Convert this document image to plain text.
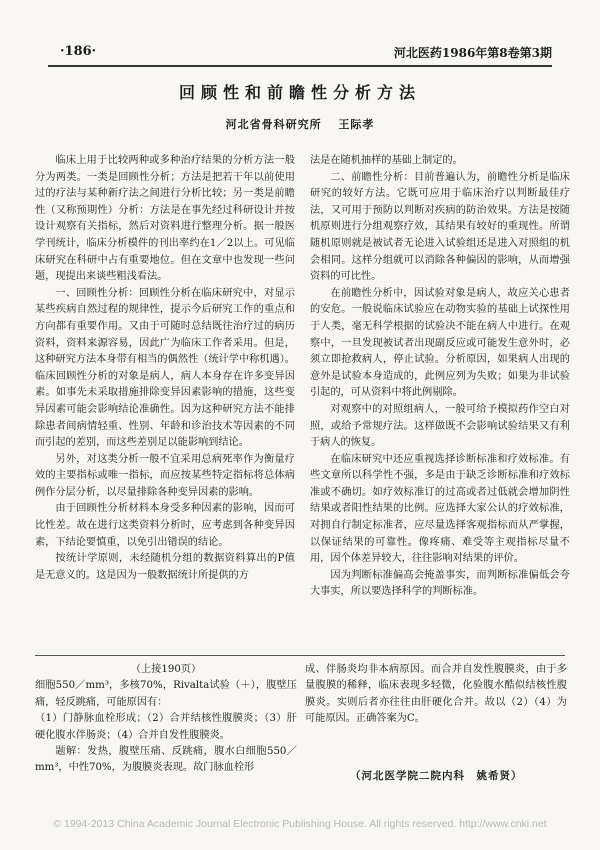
·186·	河北医药1986年第8卷第3期
回顾性和前瞻性分析方法
河北省骨科研究所 王际孝

临床上用于比较两种或多种治疗结果的分析方法一般分为两类。一类是回顾性分析；方法是把若干年以前使用过的疗法与某种新疗法之间进行分析比较；另一类是前瞻性（又称预期性）分析：方法是在事先经过科研设计并按设计观察有关指标，然后对资料进行整理分析。据一般医学刊统计，临床分析模件的刊出率约在1／2以上。可见临床研究在科研中占有重要地位。但在文章中也发现一些问题，现提出来谈些粗浅看法。

一、回顾性分析：回顾性分析在临床研究中，对显示某些疾病自然过程的规律性，提示今后研究工作的重点和方向都有重要作用。又由于可随时总结既往治疗过的病历资料，资料来源容易，因此广为临床工作者采用。但是，这种研究方法本身带有相当的偶然性（统计学中称机遇）。临床回顾性分析的对象是病人，病人本身存在许多变异因素。如事先未采取措施排除变异因素影响的措施，这些变异因素可能会影响结论准确性。因为这种研究方法不能排除患者间病情轻重、性别、年龄和诊治技术等因素的不同而引起的差别，而这些差别足以能影响到结论。

另外，对这类分析一般不宜采用总病死率作为衡量疗效的主要指标或唯一指标，而应按某些特定指标将总体病例作分层分析，以尽量排除各种变异因素的影响。

由于回顾性分析材料本身受多种因素的影响，因而可比性差。故在进行这类资料分析时，应考虑到各种变异因素，下结论要慎重，以免引出错误的结论。

按统计学原则，未经随机分组的数据资料算出的P值是无意义的。这是因为一般数据统计所提供的方

法是在随机抽样的基础上制定的。

二、前瞻性分析：目前普遍认为，前瞻性分析是临床研究的较好方法。它既可应用于临床治疗以判断最佳疗法，又可用于预防以判断对疾病的防治效果。方法是按随机原则进行分组观察疗效，其结果有较好的重现性。所谓随机原则就是被试者无论进入试验组还是进入对照组的机会相同。这样分组就可以消除各种偏因的影响，从而增强资料的可比性。

在前瞻性分析中，因试验对象是病人，故应关心患者的安危。一般说临床试验应在动物实验的基础上试探性用于人类，毫无科学根据的试验决不能在病人中进行。在观察中，一旦发现被试者出现副反应或可能发生意外时，必须立即抢救病人，停止试验。分析原因，如果病人出现的意外是试验本身造成的，此例应列为失败；如果为非试验引起的，可从资料中将此例剔除。

对观察中的对照组病人，一般可给予模拟药作空白对照，或给予常规疗法。这样做既不会影响试验结果又有利于病人的恢复。

在临床研究中还应重视选择诊断标准和疗效标准。有些文章所以科学性不强，多是由于缺乏诊断标准和疗效标准或不确切。如疗效标准订的过高或者过低就会增加阴性结果或者阳性结果的比例。应选择大家公认的疗效标准，对拥自行制定标准者，应尽量选择客观指标而从严掌握，以保证结果的可靠性。像疼痛、难受等主观指标尽量不用，因个体差异较大，往往影响对结果的评价。

因为判断标准偏高会掩盖事实，而判断标准偏低会夸大事实，所以要选择科学的判断标准。

（上接190页）

细胞550／mm³，多核70%，Rivalta试验（＋），腹壁压痛，轻反跳痛，可能原因有：

（1）门静脉血栓形成；（2）合并结核性腹膜炎；（3）肝硬化腹水伴肠炎；（4）合并自发性腹膜炎。

题解：发热，腹壁压痛、反跳痛，腹水白细胞550／mm³，中性70%，为腹膜炎表现。故门脉血栓形

成、伴肠炎均非本病原因。而合并自发性腹膜炎，由于多量腹膜的稀释，临床表现多轻微，化验腹水酷似结核性腹膜炎。实则后者亦往往由肝硬化合并。故以（2）（4）为可能原因。正确答案为C。

（河北医学院二院内科　姚希贤）
© 1994-2013 China Academic Journal Electronic Publishing House. All rights reserved. http://www.cnki.net
